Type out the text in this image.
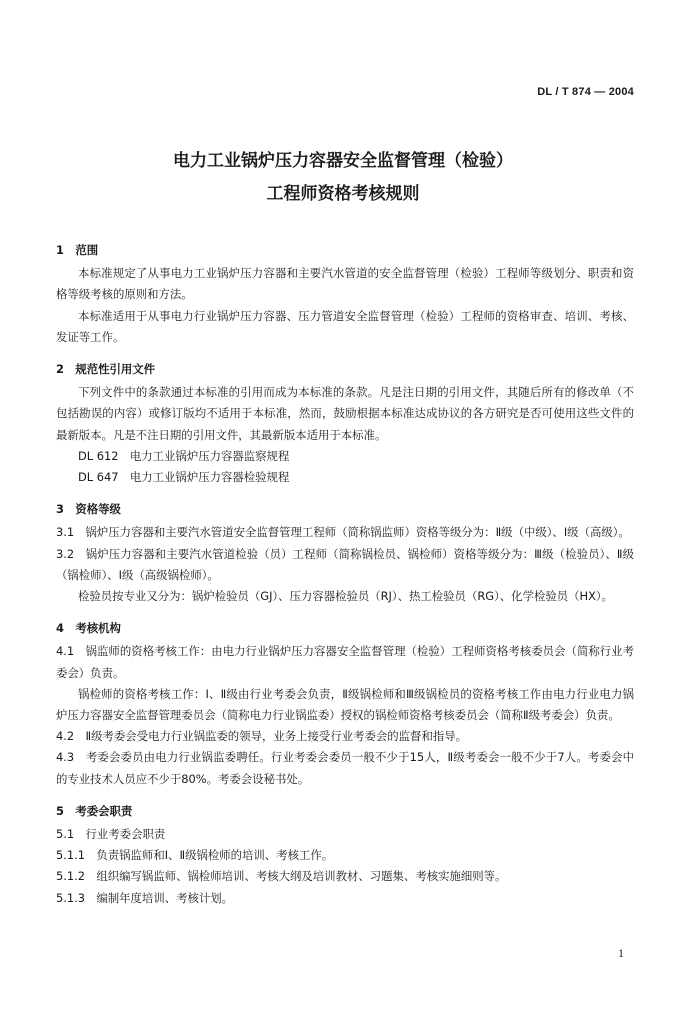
DL / T 874 — 2004
电力工业锅炉压力容器安全监督管理（检验）
工程师资格考核规则
1　范围
本标准规定了从事电力工业锅炉压力容器和主要汽水管道的安全监督管理（检验）工程师等级划分、职责和资格等级考核的原则和方法。
本标准适用于从事电力行业锅炉压力容器、压力管道安全监督管理（检验）工程师的资格审查、培训、考核、发证等工作。
2　规范性引用文件
下列文件中的条款通过本标准的引用而成为本标准的条款。凡是注日期的引用文件，其随后所有的修改单（不包括勘误的内容）或修订版均不适用于本标准，然而，鼓励根据本标准达成协议的各方研究是否可使用这些文件的最新版本。凡是不注日期的引用文件，其最新版本适用于本标准。
DL 612　电力工业锅炉压力容器监察规程
DL 647　电力工业锅炉压力容器检验规程
3　资格等级
3.1　锅炉压力容器和主要汽水管道安全监督管理工程师（简称锅监师）资格等级分为：Ⅱ级（中级）、Ⅰ级（高级）。
3.2　锅炉压力容器和主要汽水管道检验（员）工程师（简称锅检员、锅检师）资格等级分为：Ⅲ级（检验员）、Ⅱ级（锅检师）、Ⅰ级（高级锅检师）。
检验员按专业又分为：锅炉检验员（GJ）、压力容器检验员（RJ）、热工检验员（RG）、化学检验员（HX）。
4　考核机构
4.1　锅监师的资格考核工作：由电力行业锅炉压力容器安全监督管理（检验）工程师资格考核委员会（简称行业考委会）负责。
锅检师的资格考核工作：Ⅰ、Ⅱ级由行业考委会负责，Ⅱ级锅检师和Ⅲ级锅检员的资格考核工作由电力行业电力锅炉压力容器安全监督管理委员会（简称电力行业锅监委）授权的锅检师资格考核委员会（简称Ⅱ级考委会）负责。
4.2　Ⅱ级考委会受电力行业锅监委的领导，业务上接受行业考委会的监督和指导。
4.3　考委会委员由电力行业锅监委聘任。行业考委会委员一般不少于15人，Ⅱ级考委会一般不少于7人。考委会中的专业技术人员应不少于80%。考委会设秘书处。
5　考委会职责
5.1　行业考委会职责
5.1.1　负责锅监师和Ⅰ、Ⅱ级锅检师的培训、考核工作。
5.1.2　组织编写锅监师、锅检师培训、考核大纲及培训教材、习题集、考核实施细则等。
5.1.3　编制年度培训、考核计划。
1
